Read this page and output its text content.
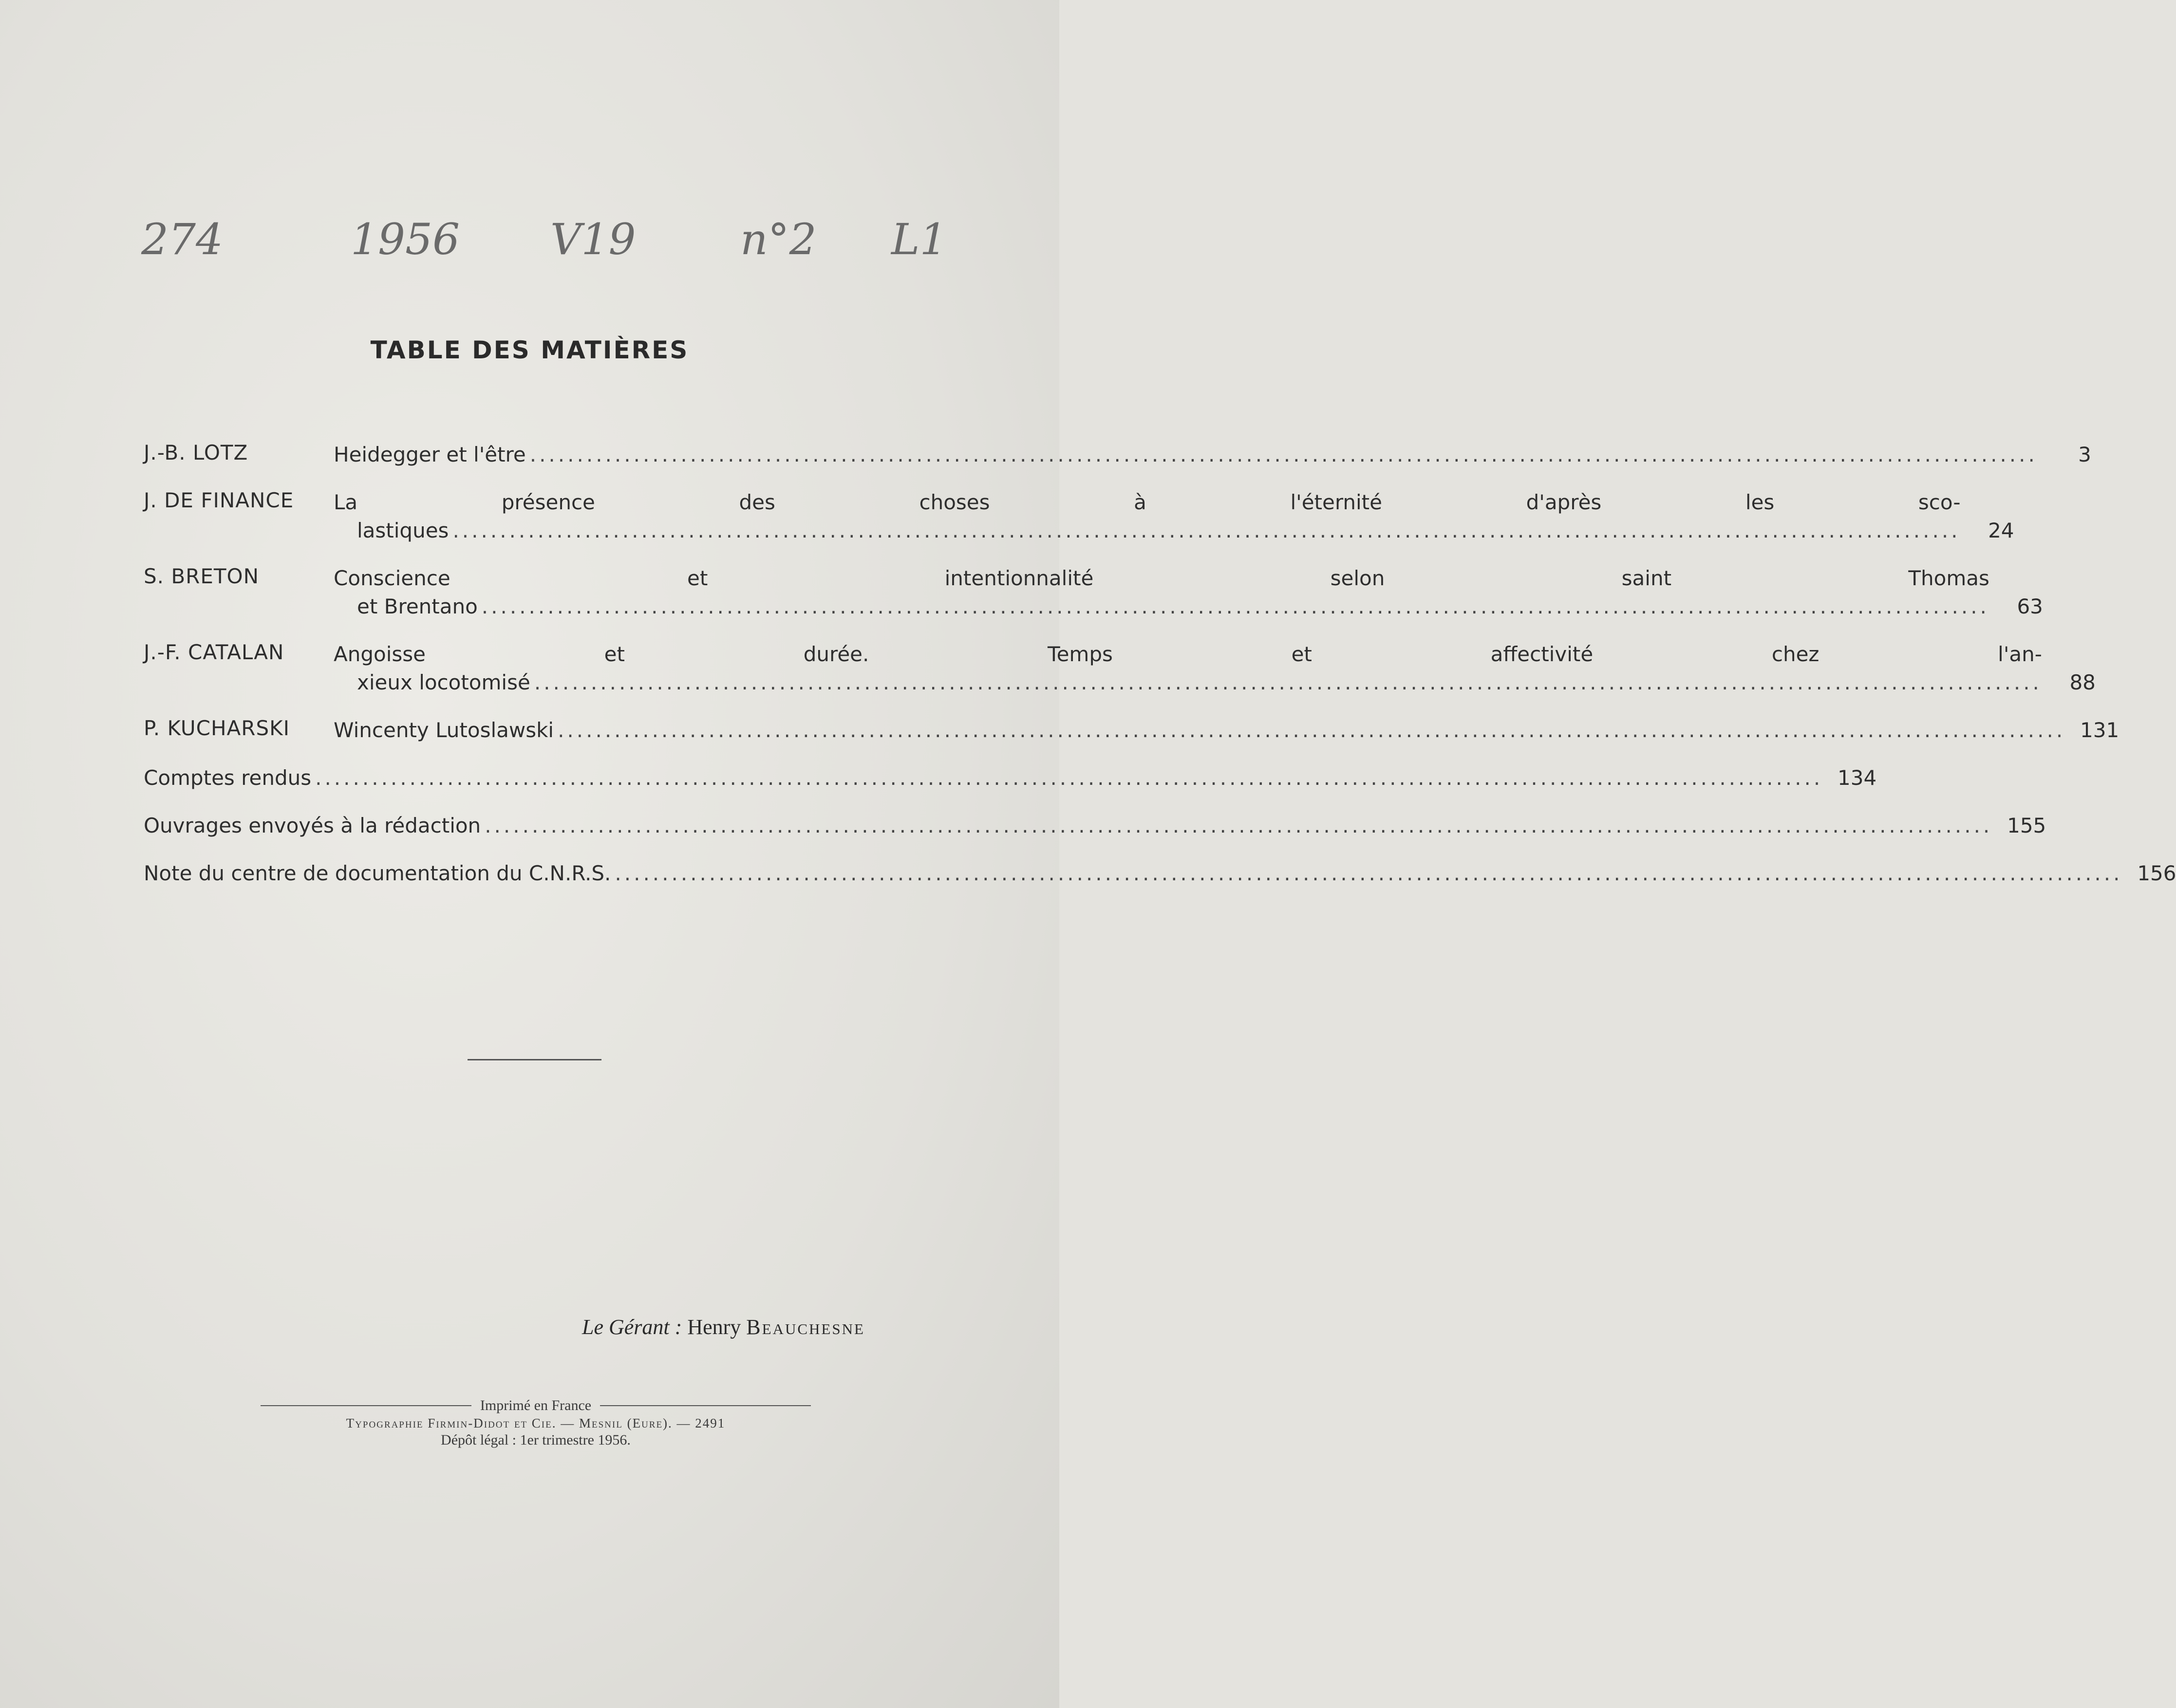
274	1956 V19 n°2 L1
TABLE DES MATIÈRES
J.-B. LOTZ	Heidegger et l'être .....	3
J. DE FINANCE	La présence des choses à l'éternité d'après les sco-
lastiques .....	24
S. BRETON	Conscience et intentionnalité selon saint Thomas
et Brentano .....	63
J.-F. CATALAN	Angoisse et durée. Temps et affectivité chez l'an-
xieux locotomisé .....	88
P. KUCHARSKI	Wincenty Lutoslawski .....	131
Comptes rendus .....	134
Ouvrages envoyés à la rédaction .....	155
Note du centre de documentation du C.N.R.S. .....	156
Le Gérant : Henry Beauchesne
Imprimé en France
Typographie Firmin-Didot et Cie. — Mesnil (Eure). — 2491
Dépôt légal : 1er trimestre 1956.
